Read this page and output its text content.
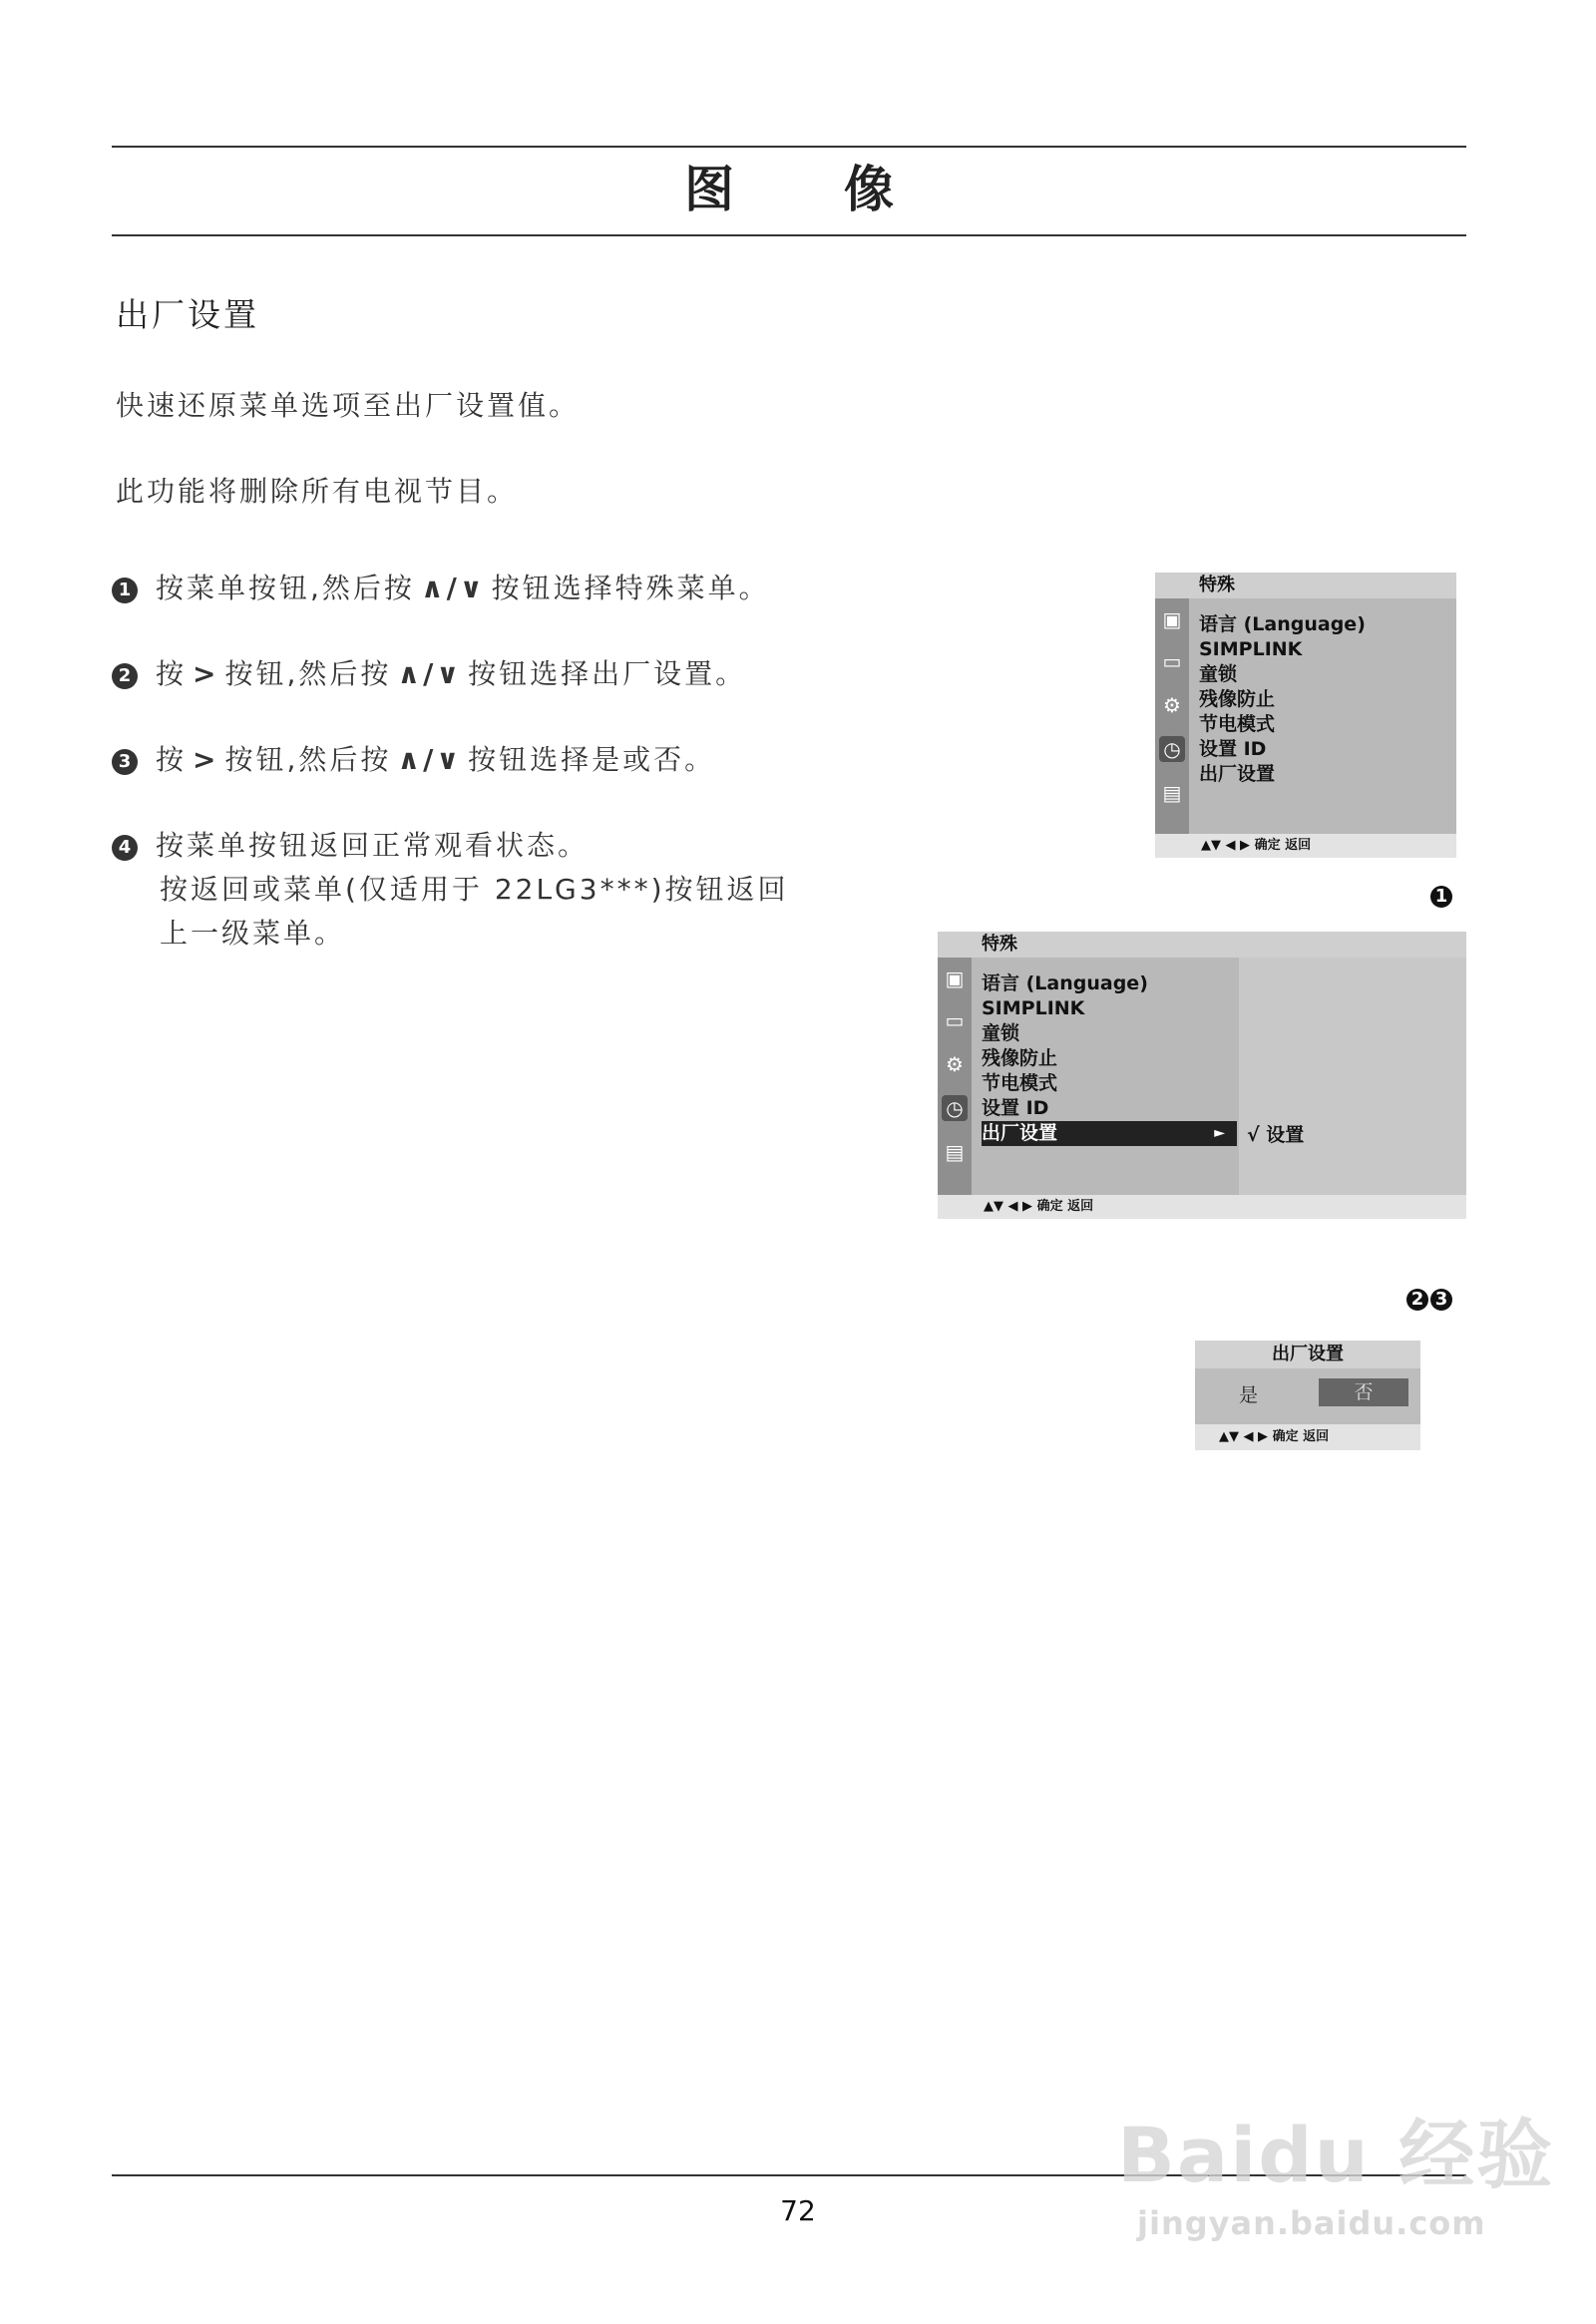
图像
出厂设置
快速还原菜单选项至出厂设置值。
此功能将删除所有电视节目。
1 按菜单按钮,然后按 ∧/∨ 按钮选择特殊菜单。
2 按 > 按钮,然后按 ∧/∨ 按钮选择出厂设置。
3 按 > 按钮,然后按 ∧/∨ 按钮选择是或否。
4 按菜单按钮返回正常观看状态。

按返回或菜单(仅适用于 22LG3***)按钮返回
上一级菜单。
特殊
▣
▭
⚙
◷
▤
语言 (Language)
SIMPLINK
童锁
残像防止
节电模式
设置 ID
出厂设置
▲▼ ◀ ▶ 确定 返回
1
特殊
▣
▭
⚙
◷
▤
语言 (Language)
SIMPLINK
童锁
残像防止
节电模式
设置 ID
出厂设置	► √ 设置
▲▼ ◀ ▶ 确定 返回
2 3
出厂设置
是	否
▲▼ ◀ ▶ 确定 返回
72
Baidu 经验
jingyan.baidu.com
